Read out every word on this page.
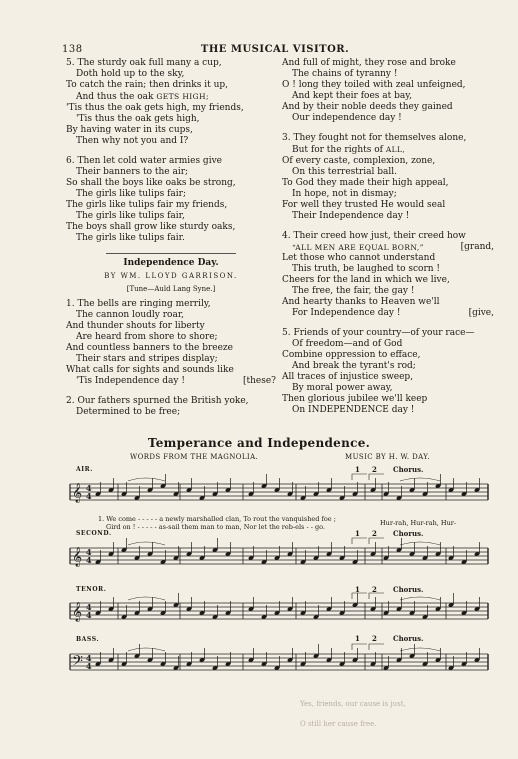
138	THE MUSICAL VISITOR.
5. The sturdy oak full many a cup,
Doth hold up to the sky,
To catch the rain; then drinks it up,
And thus the oak GETS HIGH;
'Tis thus the oak gets high, my friends,
'Tis thus the oak gets high,
By having water in its cups,
Then why not you and I?
6. Then let cold water armies give
Their banners to the air;
So shall the boys like oaks be strong,
The girls like tulips fair;
The girls like tulips fair my friends,
The girls like tulips fair,
The boys shall grow like sturdy oaks,
The girls like tulips fair.
Independence Day.
BY WM. LLOYD GARRISON.
[Tune—Auld Lang Syne.]
1. The bells are ringing merrily,
The cannon loudly roar,
And thunder shouts for liberty
Are heard from shore to shore;
And countless banners to the breeze
Their stars and stripes display;
What calls for sights and sounds like
'Tis Independence day !	[these?
2. Our fathers spurned the British yoke,
Determined to be free;
And full of might, they rose and broke
The chains of tyranny !
O ! long they toiled with zeal unfeigned,
And kept their foes at bay,
And by their noble deeds they gained
Our independence day !
3. They fought not for themselves alone,
But for the rights of ALL,
Of every caste, complexion, zone,
On this terrestrial ball.
To God they made their high appeal,
In hope, not in dismay;
For well they trusted He would seal
Their Independence day !
4. Their creed how just, their creed how
“ALL MEN ARE EQUAL BORN,”	[grand,
Let those who cannot understand
This truth, be laughed to scorn !
Cheers for the land in which we live,
The free, the fair, the gay !
And hearty thanks to Heaven we'll
For Independence day !	[give,
5. Friends of your country—of your race—
Of freedom—and of God
Combine oppression to efface,
And break the tyrant's rod;
All traces of injustice sweep,
By moral power away,
Then glorious jubilee we'll keep
On INDEPENDENCE day !
Temperance and Independence.
WORDS FROM THE MAGNOLIA.	MUSIC BY H. W. DAY.
𝄞 4
4
𝄞 4
4
𝄞 4
4
𝄢 4
4
AIR.
SECOND.
TENOR.
BASS.
1 2 Chorus.
1 2 Chorus.
1 2 Chorus.
1 2 Chorus.
1. We come - - - - - a newly marshalled clan, To rout the vanquished foe ;
Gird on ! - - - - - as-sail them man to man, Nor let the reb-els - - go.	Hur-rah, Hur-rah, Hur-
Yes, friends, our cause is just,
O still her cause free.
